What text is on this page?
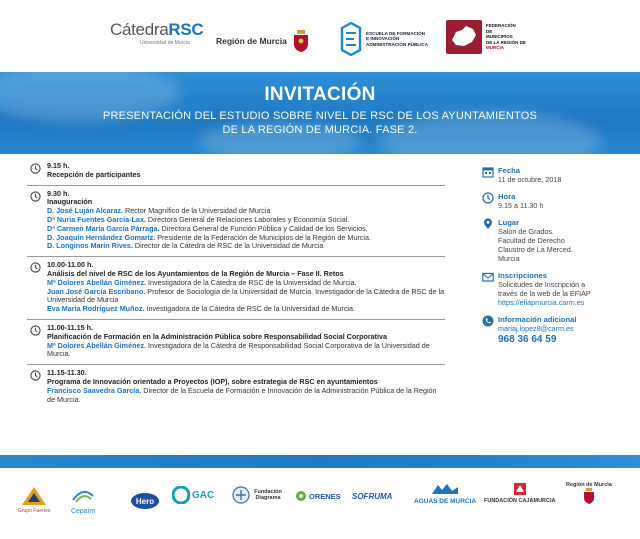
CátedraRSC
Universidad de Murcia	Región de Murcia
ESCUELA DE FORMACIÓN
E INNOVACIÓN
ADMINISTRACIÓN PÚBLICA
FEDERACIÓN
DE
MUNICIPIOS
DE LA REGIÓN DE
MURCIA
INVITACIÓN
PRESENTACIÓN DEL ESTUDIO SOBRE NIVEL DE RSC DE LOS AYUNTAMIENTOS
DE LA REGIÓN DE MURCIA. FASE 2.
9.15 h.
Recepción de participantes
9.30 h.
Inauguración
D. José Luján Alcaraz. Rector Magnífico de la Universidad de Murcia
Dª Nuria Fuentes García-Lax. Directora General de Relaciones Laborales y Economía Social.
Dª Carmen María García Párraga. Directora General de Función Pública y Calidad de los Servicios.
D. Joaquín Hernández Gomariz. Presidente de la Federación de Municipios de la Región de Murcia.
D. Longinos Marín Rives. Director de la Cátedra de RSC de la Universidad de Murcia
10.00-11.00 h.
Análisis del nivel de RSC de los Ayuntamientos de la Región de Murcia – Fase II. Retos
Mª Dolores Abellán Giménez. Investigadora de la Cátedra de RSC de la Universidad de Murcia.
Juan José García Escribano. Profesor de Sociología de la Universidad de Murcia. Investigador de la Cátedra de RSC de la Universidad de Murcia
Eva María Rodríguez Muñoz. Investigadora de la Cátedra de RSC de la Universidad de Murcia.
11.00-11.15 h.
Planificación de Formación en la Administración Pública sobre Responsabilidad Social Corporativa
Mª Dolores Abellán Giménez. Investigadora de la Cátedra de Responsabilidad Social Corporativa de la Universidad de Murcia.
11.15-11.30.
Programa de Innovación orientado a Proyectos (IOP), sobre estrategia de RSC en ayuntamientos
Francisco Saavedra García. Director de la Escuela de Formación e Innovación de la Administración Pública de la Región de Murcia.
Fecha
11 de octubre, 2018
Hora
9.15 a 11.30 h
Lugar
Salón de Grados.
Facultad de Derecho
Claustro de La Merced.
Murcia
Inscripciones
Solicitudes de Inscripción a
través de la web de la EFIAP
https://efiapmurcia.carm.es
Información adicional
mariaj.lopez8@carm.es
968 36 64 59
Grupo Fuertes	Cepaim
Hero
GAC	Fundación Diagrama	ORENES SOFRUMA
AGUAS DE MURCIA FUNDACIÓN CAJAMURCIA
Región de Murcia
